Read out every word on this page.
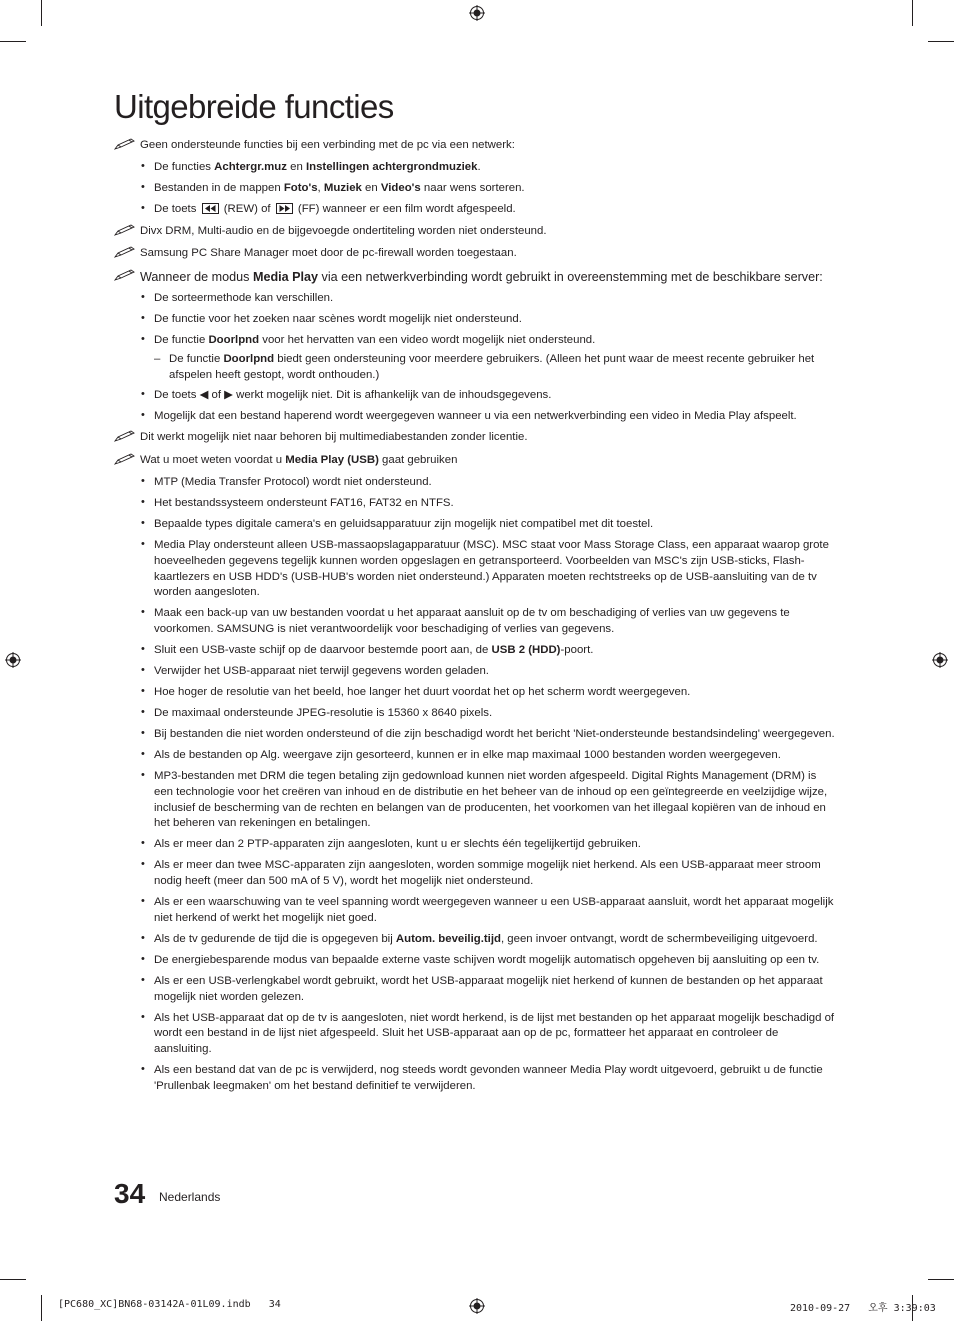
Uitgebreide functies
Geen ondersteunde functies bij een verbinding met de pc via een netwerk:
• De functies Achtergr.muz en Instellingen achtergrondmuziek.
• Bestanden in de mappen Foto's, Muziek en Video's naar wens sorteren.
• De toets
(REW) of
(FF) wanneer er een film wordt afgespeeld.
Divx DRM, Multi-audio en de bijgevoegde ondertiteling worden niet ondersteund.
Samsung PC Share Manager moet door de pc-firewall worden toegestaan.
Wanneer de modus Media Play via een netwerkverbinding wordt gebruikt in overeenstemming met de beschikbare server:
• De sorteermethode kan verschillen.
• De functie voor het zoeken naar scènes wordt mogelijk niet ondersteund.
• De functie Doorlpnd voor het hervatten van een video wordt mogelijk niet ondersteund.
– De functie Doorlpnd biedt geen ondersteuning voor meerdere gebruikers. (Alleen het punt waar de meest recente gebruiker het afspelen heeft gestopt, wordt onthouden.)
• De toets ◀ of ▶ werkt mogelijk niet. Dit is afhankelijk van de inhoudsgegevens.
• Mogelijk dat een bestand haperend wordt weergegeven wanneer u via een netwerkverbinding een video in Media Play afspeelt.
Dit werkt mogelijk niet naar behoren bij multimediabestanden zonder licentie.
Wat u moet weten voordat u Media Play (USB) gaat gebruiken
• MTP (Media Transfer Protocol) wordt niet ondersteund.
• Het bestandssysteem ondersteunt FAT16, FAT32 en NTFS.
• Bepaalde types digitale camera's en geluidsapparatuur zijn mogelijk niet compatibel met dit toestel.
• Media Play ondersteunt alleen USB-massaopslagapparatuur (MSC). MSC staat voor Mass Storage Class, een apparaat waarop grote hoeveelheden gegevens tegelijk kunnen worden opgeslagen en getransporteerd. Voorbeelden van MSC's zijn USB-sticks, Flash-kaartlezers en USB HDD's (USB-HUB's worden niet ondersteund.) Apparaten moeten rechtstreeks op de USB-aansluiting van de tv worden aangesloten.
• Maak een back-up van uw bestanden voordat u het apparaat aansluit op de tv om beschadiging of verlies van uw gegevens te voorkomen. SAMSUNG is niet verantwoordelijk voor beschadiging of verlies van gegevens.
• Sluit een USB-vaste schijf op de daarvoor bestemde poort aan, de USB 2 (HDD)-poort.
• Verwijder het USB-apparaat niet terwijl gegevens worden geladen.
• Hoe hoger de resolutie van het beeld, hoe langer het duurt voordat het op het scherm wordt weergegeven.
• De maximaal ondersteunde JPEG-resolutie is 15360 x 8640 pixels.
• Bij bestanden die niet worden ondersteund of die zijn beschadigd wordt het bericht 'Niet-ondersteunde bestandsindeling' weergegeven.
• Als de bestanden op Alg. weergave zijn gesorteerd, kunnen er in elke map maximaal 1000 bestanden worden weergegeven.
• MP3-bestanden met DRM die tegen betaling zijn gedownload kunnen niet worden afgespeeld. Digital Rights Management (DRM) is een technologie voor het creëren van inhoud en de distributie en het beheer van de inhoud op een geïntegreerde en veelzijdige wijze, inclusief de bescherming van de rechten en belangen van de producenten, het voorkomen van het illegaal kopiëren van de inhoud en het beheren van rekeningen en betalingen.
• Als er meer dan 2 PTP-apparaten zijn aangesloten, kunt u er slechts één tegelijkertijd gebruiken.
• Als er meer dan twee MSC-apparaten zijn aangesloten, worden sommige mogelijk niet herkend. Als een USB-apparaat meer stroom nodig heeft (meer dan 500 mA of 5 V), wordt het mogelijk niet ondersteund.
• Als er een waarschuwing van te veel spanning wordt weergegeven wanneer u een USB-apparaat aansluit, wordt het apparaat mogelijk niet herkend of werkt het mogelijk niet goed.
• Als de tv gedurende de tijd die is opgegeven bij Autom. beveilig.tijd, geen invoer ontvangt, wordt de schermbeveiliging uitgevoerd.
• De energiebesparende modus van bepaalde externe vaste schijven wordt mogelijk automatisch opgeheven bij aansluiting op een tv.
• Als er een USB-verlengkabel wordt gebruikt, wordt het USB-apparaat mogelijk niet herkend of kunnen de bestanden op het apparaat mogelijk niet worden gelezen.
• Als het USB-apparaat dat op de tv is aangesloten, niet wordt herkend, is de lijst met bestanden op het apparaat mogelijk beschadigd of wordt een bestand in de lijst niet afgespeeld. Sluit het USB-apparaat aan op de pc, formatteer het apparaat en controleer de aansluiting.
• Als een bestand dat van de pc is verwijderd, nog steeds wordt gevonden wanneer Media Play wordt uitgevoerd, gebruikt u de functie 'Prullenbak leegmaken' om het bestand definitief te verwijderen.
34 Nederlands
[PC680_XC]BN68-03142A-01L09.indb   34	2010-09-27   오후 3:39:03
